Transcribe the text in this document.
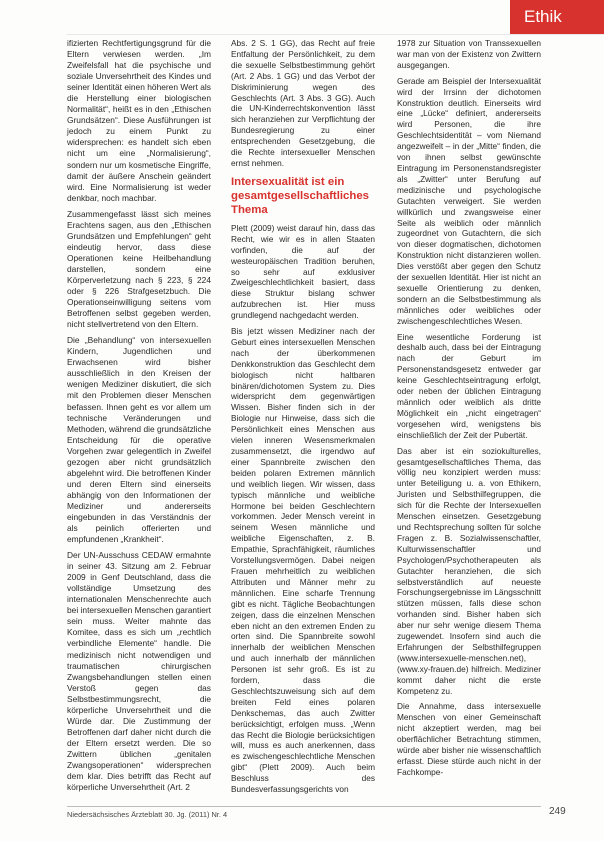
Ethik

ifizierten Rechtfertigungsgrund für die Eltern verwiesen werden. „Im Zweifelsfall hat die psychische und soziale Unversehrtheit des Kindes und seiner Identität einen höheren Wert als die Herstellung einer biologischen Normalität“, heißt es in den „Ethischen Grundsätzen“. Diese Ausführungen ist jedoch zu einem Punkt zu widersprechen: es handelt sich eben nicht um eine „Normalisierung“, sondern nur um kosmetische Eingriffe, damit der äußere Anschein geändert wird. Eine Normalisierung ist weder denkbar, noch machbar.

Zusammengefasst lässt sich meines Erachtens sagen, aus den „Ethischen Grundsätzen und Empfehlungen“ geht eindeutig hervor, dass diese Operationen keine Heilbehandlung darstellen, sondern eine Körperverletzung nach § 223, § 224 oder § 226 Strafgesetzbuch. Die Operationseinwilligung seitens vom Betroffenen selbst gegeben werden, nicht stellvertretend von den Eltern.

Die „Behandlung“ von intersexuellen Kindern, Jugendlichen und Erwachsenen wird bisher ausschließlich in den Kreisen der wenigen Mediziner diskutiert, die sich mit den Problemen dieser Menschen befassen. Ihnen geht es vor allem um technische Veränderungen und Methoden, während die grundsätzliche Entscheidung für die operative Vorgehen zwar gelegentlich in Zweifel gezogen aber nicht grundsätzlich abgelehnt wird. Die betroffenen Kinder und deren Eltern sind einerseits abhängig von den Informationen der Mediziner und andererseits eingebunden in das Verständnis der als peinlich offerierten und empfundenen „Krankheit“.

Der UN-Ausschuss CEDAW ermahnte in seiner 43. Sitzung am 2. Februar 2009 in Genf Deutschland, dass die vollständige Umsetzung des internationalen Menschenrechte auch bei intersexuellen Menschen garantiert sein muss. Weiter mahnte das Komitee, dass es sich um „rechtlich verbindliche Elemente“ handle. Die medizinisch nicht notwendigen und traumatischen chirurgischen Zwangsbehandlungen stellen einen Verstoß gegen das Selbstbestimmungsrecht, die körperliche Unversehrtheit und die Würde dar. Die Zustimmung der Betroffenen darf daher nicht durch die der Eltern ersetzt werden. Die so Zwittern üblichen „genitalen Zwangsoperationen“ widersprechen dem klar. Dies betrifft das Recht auf körperliche Unversehrtheit (Art. 2

Abs. 2 S. 1 GG), das Recht auf freie Entfaltung der Persönlichkeit, zu dem die sexuelle Selbstbestimmung gehört (Art. 2 Abs. 1 GG) und das Verbot der Diskriminierung wegen des Geschlechts (Art. 3 Abs. 3 GG). Auch die UN-Kinderrechtskonvention lässt sich heranziehen zur Verpflichtung der Bundesregierung zu einer entsprechenden Gesetzgebung, die die Rechte intersexueller Menschen ernst nehmen.

Intersexualität ist ein gesamtgesellschaftliches Thema

Plett (2009) weist darauf hin, dass das Recht, wie wir es in allen Staaten vorfinden, die auf der westeuropäischen Tradition beruhen, so sehr auf exklusiver Zweigeschlechtlichkeit basiert, dass diese Struktur bislang schwer aufzubrechen ist. Hier muss grundlegend nachgedacht werden.

Bis jetzt wissen Mediziner nach der Geburt eines intersexuellen Menschen nach der überkommenen Denkkonstruktion das Geschlecht dem biologisch nicht haltbaren binären/dichotomen System zu. Dies widerspricht dem gegenwärtigen Wissen. Bisher finden sich in der Biologie nur Hinweise, dass sich die Persönlichkeit eines Menschen aus vielen inneren Wesensmerkmalen zusammensetzt, die irgendwo auf einer Spannbreite zwischen den beiden polaren Extremen männlich und weiblich liegen. Wir wissen, dass typisch männliche und weibliche Hormone bei beiden Geschlechtern vorkommen. Jeder Mensch vereint in seinem Wesen männliche und weibliche Eigenschaften, z. B. Empathie, Sprachfähigkeit, räumliches Vorstellungsvermögen. Dabei neigen Frauen mehrheitlich zu weiblichen Attributen und Männer mehr zu männlichen. Eine scharfe Trennung gibt es nicht. Tägliche Beobachtungen zeigen, dass die einzelnen Menschen eben nicht an den extremen Enden zu orten sind. Die Spannbreite sowohl innerhalb der weiblichen Menschen und auch innerhalb der männlichen Personen ist sehr groß. Es ist zu fordern, dass die Geschlechtszuweisung sich auf dem breiten Feld eines polaren Denkschemas, das auch Zwitter berücksichtigt, erfolgen muss. „Wenn das Recht die Biologie berücksichtigen will, muss es auch anerkennen, dass es zwischengeschlechtliche Menschen gibt“ (Plett 2009). Auch beim Beschluss des Bundesverfassungsgerichts von

1978 zur Situation von Transsexuellen war man von der Existenz von Zwittern ausgegangen.

Gerade am Beispiel der Intersexualität wird der Irrsinn der dichotomen Konstruktion deutlich. Einerseits wird eine „Lücke“ definiert, andererseits wird Personen, die ihre Geschlechtsidentität – vom Niemand angezweifelt – in der „Mitte“ finden, die von ihnen selbst gewünschte Eintragung im Personenstandsregister als „Zwitter“ unter Berufung auf medizinische und psychologische Gutachten verweigert. Sie werden willkürlich und zwangsweise einer Seite als weiblich oder männlich zugeordnet von Gutachtern, die sich von dieser dogmatischen, dichotomen Konstruktion nicht distanzieren wollen. Dies verstößt aber gegen den Schutz der sexuellen Identität. Hier ist nicht an sexuelle Orientierung zu denken, sondern an die Selbstbestimmung als männliches oder weibliches oder zwischengeschlechtliches Wesen.

Eine wesentliche Forderung ist deshalb auch, dass bei der Eintragung nach der Geburt im Personenstandsgesetz entweder gar keine Geschlechtseintragung erfolgt, oder neben der üblichen Eintragung männlich oder weiblich als dritte Möglichkeit ein „nicht eingetragen“ vorgesehen wird, wenigstens bis einschließlich der Zeit der Pubertät.

Das aber ist ein soziokulturelles, gesamtgesellschaftliches Thema, das völlig neu konzipiert werden muss: unter Beteiligung u. a. von Ethikern, Juristen und Selbsthilfegruppen, die sich für die Rechte der Intersexuellen Menschen einsetzen. Gesetzgebung und Rechtsprechung sollten für solche Fragen z. B. Sozialwissenschaftler, Kulturwissenschaftler und Psychologen/Psychotherapeuten als Gutachter heranziehen, die sich selbstverständlich auf neueste Forschungsergebnisse im Längsschnitt stützen müssen, falls diese schon vorhanden sind. Bisher haben sich aber nur sehr wenige diesem Thema zugewendet. Insofern sind auch die Erfahrungen der Selbsthilfegruppen (www.intersexuelle-menschen.net), (www.xy-frauen.de) hilfreich. Mediziner kommt daher nicht die erste Kompetenz zu.

Die Annahme, dass intersexuelle Menschen von einer Gemeinschaft nicht akzeptiert werden, mag bei oberflächlicher Betrachtung stimmen, würde aber bisher nie wissenschaftlich erfasst. Diese stürde auch nicht in der Fachkompe-

Niedersächsisches Ärzteblatt 30. Jg. (2011) Nr. 4	249
